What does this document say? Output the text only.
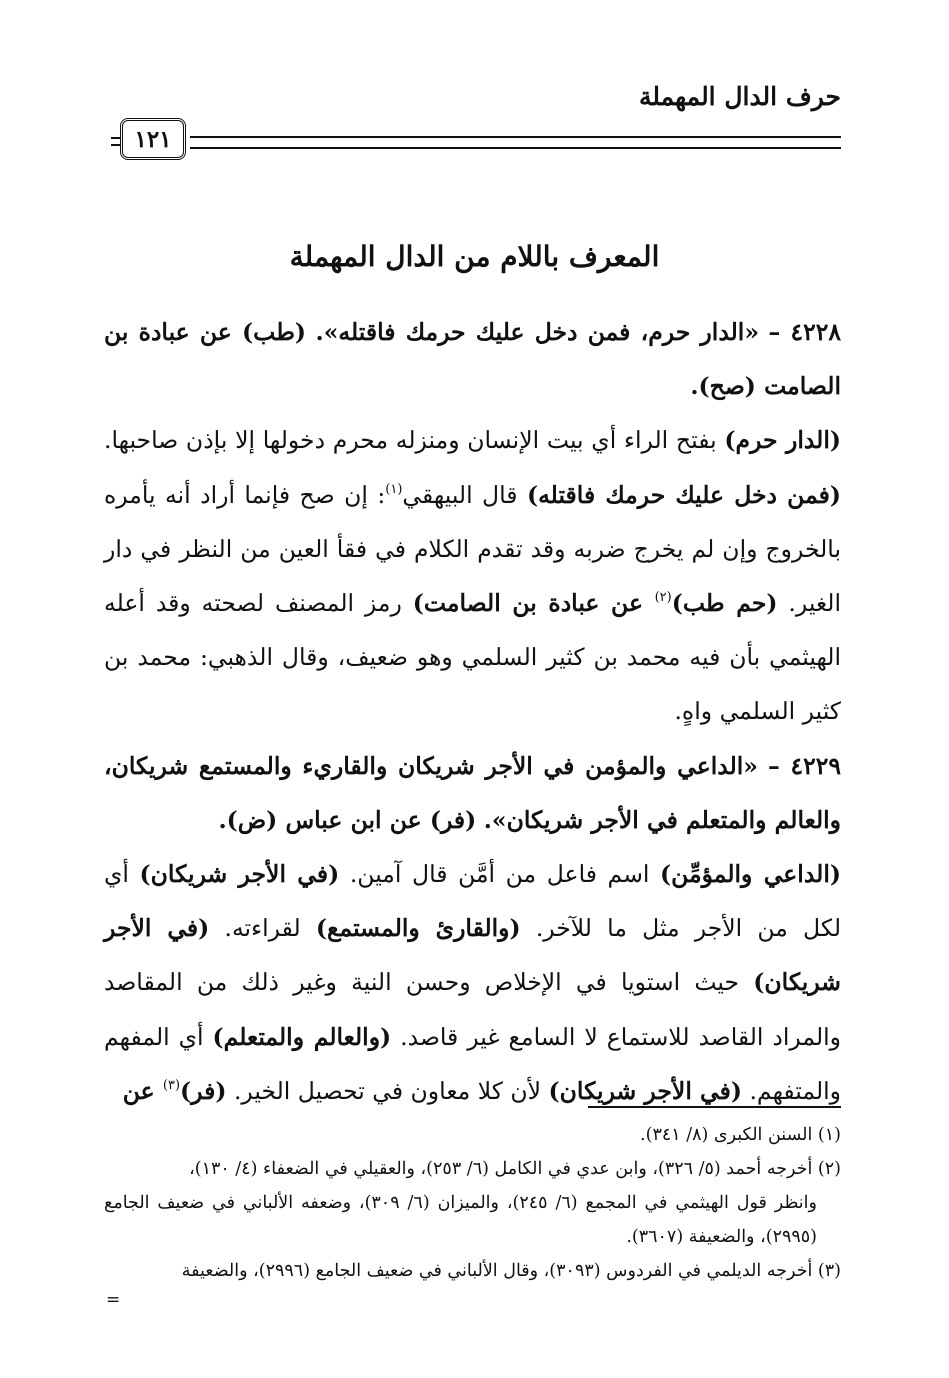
حرف الدال المهملة
١٢١
المعرف باللام من الدال المهملة

٤٢٢٨ – «الدار حرم، فمن دخل عليك حرمك فاقتله». (طب) عن عبادة بن الصامت (صح).

(الدار حرم) بفتح الراء أي بيت الإنسان ومنزله محرم دخولها إلا بإذن صاحبها. (فمن دخل عليك حرمك فاقتله) قال البيهقي$^{(١)}$: إن صح فإنما أراد أنه يأمره بالخروج وإن لم يخرج ضربه وقد تقدم الكلام في فقأ العين من النظر في دار الغير. (حم طب)$^{(٢)}$ عن عبادة بن الصامت) رمز المصنف لصحته وقد أعله الهيثمي بأن فيه محمد بن كثير السلمي وهو ضعيف، وقال الذهبي: محمد بن كثير السلمي واهٍ.

٤٢٢٩ – «الداعي والمؤمن في الأجر شريكان والقاريء والمستمع شريكان، والعالم والمتعلم في الأجر شريكان». (فر) عن ابن عباس (ض).

(الداعي والمؤمِّن) اسم فاعل من أمَّن قال آمين. (في الأجر شريكان) أي لكل من الأجر مثل ما للآخر. (والقارئ والمستمع) لقراءته. (في الأجر شريكان) حيث استويا في الإخلاص وحسن النية وغير ذلك من المقاصد والمراد القاصد للاستماع لا السامع غير قاصد. (والعالم والمتعلم) أي المفهم والمتفهم. (في الأجر شريكان) لأن كلا معاون في تحصيل الخير. (فر)$^{(٣)}$ عن

(١) السنن الكبرى (٨/ ٣٤١).

(٢) أخرجه أحمد (٥/ ٣٢٦)، وابن عدي في الكامل (٦/ ٢٥٣)، والعقيلي في الضعفاء (٤/ ١٣٠)،

وانظر قول الهيثمي في المجمع (٦/ ٢٤٥)، والميزان (٦/ ٣٠٩)، وضعفه الألباني في ضعيف الجامع (٢٩٩٥)، والضعيفة (٣٦٠٧).

(٣) أخرجه الديلمي في الفردوس (٣٠٩٣)، وقال الألباني في ضعيف الجامع (٢٩٩٦)، والضعيفة

=
